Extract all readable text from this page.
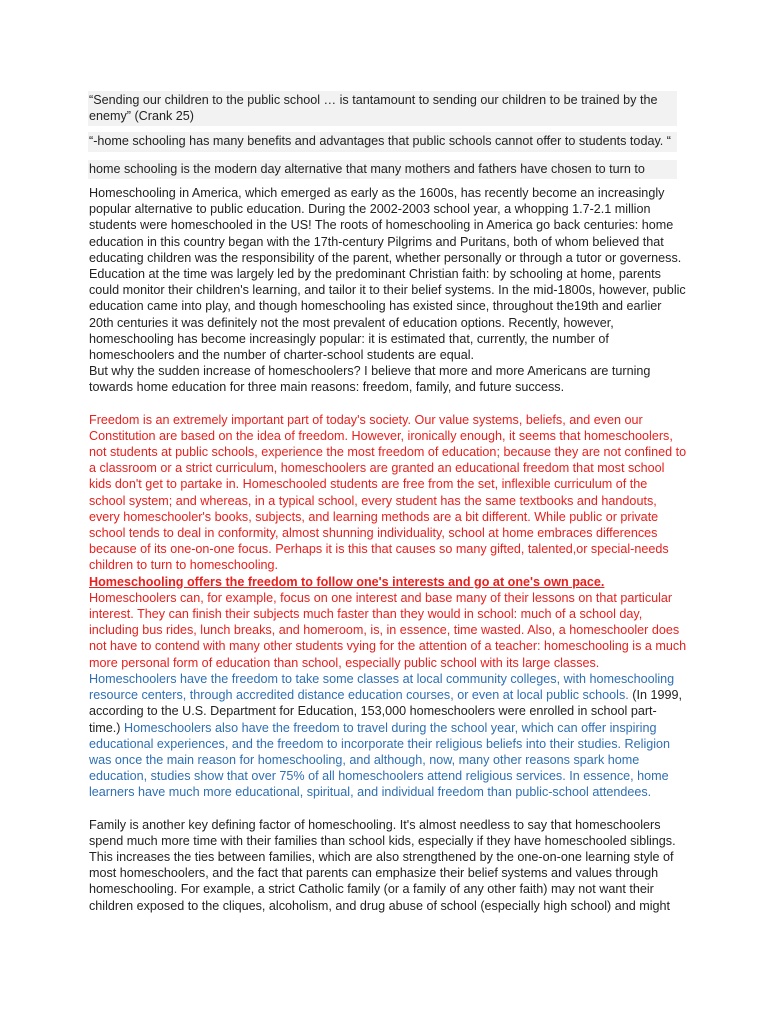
“Sending our children to the public school … is tantamount to sending our children to be trained by the enemy” (Crank 25)
“-home schooling has many benefits and advantages that public schools cannot offer to students today. “
home schooling is the modern day alternative that many mothers and fathers have chosen to turn to

Homeschooling in America, which emerged as early as the 1600s, has recently become an increasingly popular alternative to public education. During the 2002-2003 school year, a whopping 1.7-2.1 million students were homeschooled in the US! The roots of homeschooling in America go back centuries: home education in this country began with the 17th-century Pilgrims and Puritans, both of whom believed that educating children was the responsibility of the parent, whether personally or through a tutor or governess. Education at the time was largely led by the predominant Christian faith: by schooling at home, parents could monitor their children's learning, and tailor it to their belief systems. In the mid-1800s, however, public education came into play, and though homeschooling has existed since, throughout the19th and earlier 20th centuries it was definitely not the most prevalent of education options. Recently, however, homeschooling has become increasingly popular: it is estimated that, currently, the number of homeschoolers and the number of charter-school students are equal.
But why the sudden increase of homeschoolers? I believe that more and more Americans are turning towards home education for three main reasons: freedom, family, and future success.

Freedom is an extremely important part of today's society. Our value systems, beliefs, and even our Constitution are based on the idea of freedom. However, ironically enough, it seems that homeschoolers, not students at public schools, experience the most freedom of education; because they are not confined to a classroom or a strict curriculum, homeschoolers are granted an educational freedom that most school kids don't get to partake in. Homeschooled students are free from the set, inflexible curriculum of the school system; and whereas, in a typical school, every student has the same textbooks and handouts, every homeschooler's books, subjects, and learning methods are a bit different. While public or private school tends to deal in conformity, almost shunning individuality, school at home embraces differences because of its one-on-one focus. Perhaps it is this that causes so many gifted, talented,or special-needs children to turn to homeschooling.

Homeschooling offers the freedom to follow one's interests and go at one's own pace.
Homeschoolers can, for example, focus on one interest and base many of their lessons on that particular interest. They can finish their subjects much faster than they would in school: much of a school day, including bus rides, lunch breaks, and homeroom, is, in essence, time wasted. Also, a homeschooler does not have to contend with many other students vying for the attention of a teacher: homeschooling is a much more personal form of education than school, especially public school with its large classes. Homeschoolers have the freedom to take some classes at local community colleges, with homeschooling resource centers, through accredited distance education courses, or even at local public schools. (In 1999, according to the U.S. Department for Education, 153,000 homeschoolers were enrolled in school part-time.) Homeschoolers also have the freedom to travel during the school year, which can offer inspiring educational experiences, and the freedom to incorporate their religious beliefs into their studies. Religion was once the main reason for homeschooling, and although, now, many other reasons spark home education, studies show that over 75% of all homeschoolers attend religious services. In essence, home learners have much more educational, spiritual, and individual freedom than public-school attendees.

Family is another key defining factor of homeschooling. It's almost needless to say that homeschoolers spend much more time with their families than school kids, especially if they have homeschooled siblings. This increases the ties between families, which are also strengthened by the one-on-one learning style of most homeschoolers, and the fact that parents can emphasize their belief systems and values through homeschooling. For example, a strict Catholic family (or a family of any other faith) may not want their children exposed to the cliques, alcoholism, and drug abuse of school (especially high school) and might
